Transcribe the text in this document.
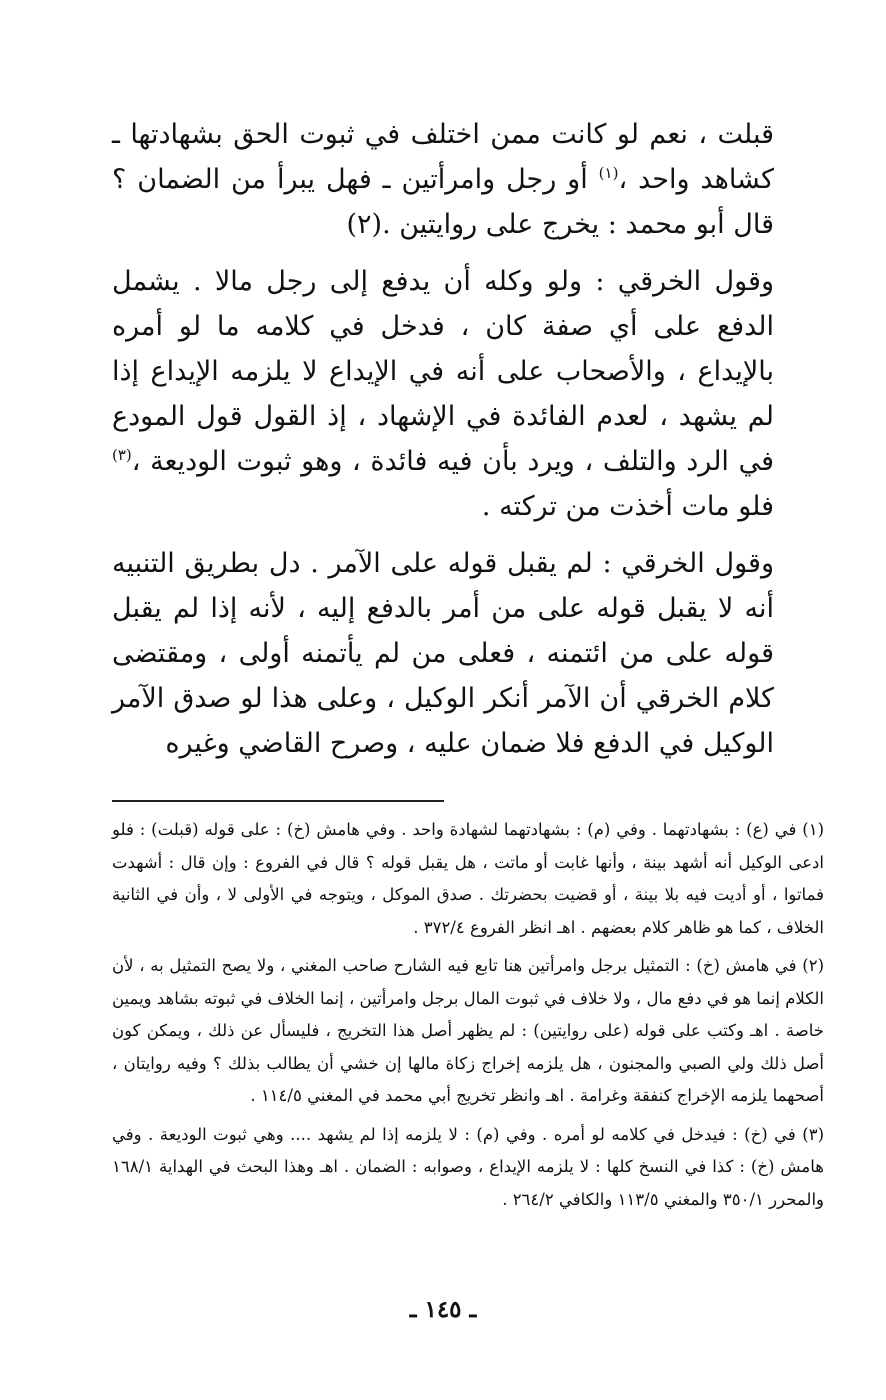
قبلت ، نعم لو كانت ممن اختلف في ثبوت الحق بشهادتها ـ كشاهد واحد ،$^{(١)}$ أو رجل وامرأتين ـ فهل يبرأ من الضمان ؟ قال أبو محمد : يخرج على روايتين .(٢)

وقول الخرقي : ولو وكله أن يدفع إلى رجل مالا . يشمل الدفع على أي صفة كان ، فدخل في كلامه ما لو أمره بالإيداع ، والأصحاب على أنه في الإيداع لا يلزمه الإيداع إذا لم يشهد ، لعدم الفائدة في الإشهاد ، إذ القول قول المودع في الرد والتلف ، ويرد بأن فيه فائدة ، وهو ثبوت الوديعة ،$^{(٣)}$ فلو مات أخذت من تركته .

وقول الخرقي : لم يقبل قوله على الآمر . دل بطريق التنبيه أنه لا يقبل قوله على من أمر بالدفع إليه ، لأنه إذا لم يقبل قوله على من ائتمنه ، فعلى من لم يأتمنه أولى ، ومقتضى كلام الخرقي أن الآمر أنكر الوكيل ، وعلى هذا لو صدق الآمر الوكيل في الدفع فلا ضمان عليه ، وصرح القاضي وغيره

(١) في (ع) : بشهادتهما . وفي (م) : بشهادتهما لشهادة واحد . وفي هامش (خ) : على قوله (قبلت) : فلو ادعى الوكيل أنه أشهد بينة ، وأنها غابت أو ماتت ، هل يقبل قوله ؟ قال في الفروع : وإن قال : أشهدت فماتوا ، أو أديت فيه بلا بينة ، أو قضيت بحضرتك . صدق الموكل ، ويتوجه في الأولى لا ، وأن في الثانية الخلاف ، كما هو ظاهر كلام بعضهم . اهـ انظر الفروع ٣٧٢/٤ .

(٢) في هامش (خ) : التمثيل برجل وامرأتين هنا تابع فيه الشارح صاحب المغني ، ولا يصح التمثيل به ، لأن الكلام إنما هو في دفع مال ، ولا خلاف في ثبوت المال برجل وامرأتين ، إنما الخلاف في ثبوته بشاهد ويمين خاصة . اهـ وكتب على قوله (على روايتين) : لم يظهر أصل هذا التخريج ، فليسأل عن ذلك ، ويمكن كون أصل ذلك ولي الصبي والمجنون ، هل يلزمه إخراج زكاة مالها إن خشي أن يطالب بذلك ؟ وفيه روايتان ، أصحهما يلزمه الإخراج كنفقة وغرامة . اهـ وانظر تخريج أبي محمد في المغني ١١٤/٥ .

(٣) في (خ) : فيدخل في كلامه لو أمره . وفي (م) : لا يلزمه إذا لم يشهد .... وهي ثبوت الوديعة . وفي هامش (خ) : كذا في النسخ كلها : لا يلزمه الإيداع ، وصوابه : الضمان . اهـ وهذا البحث في الهداية ١٦٨/١ والمحرر ٣٥٠/١ والمغني ١١٣/٥ والكافي ٢٦٤/٢ .

ـ ١٤٥ ـ
